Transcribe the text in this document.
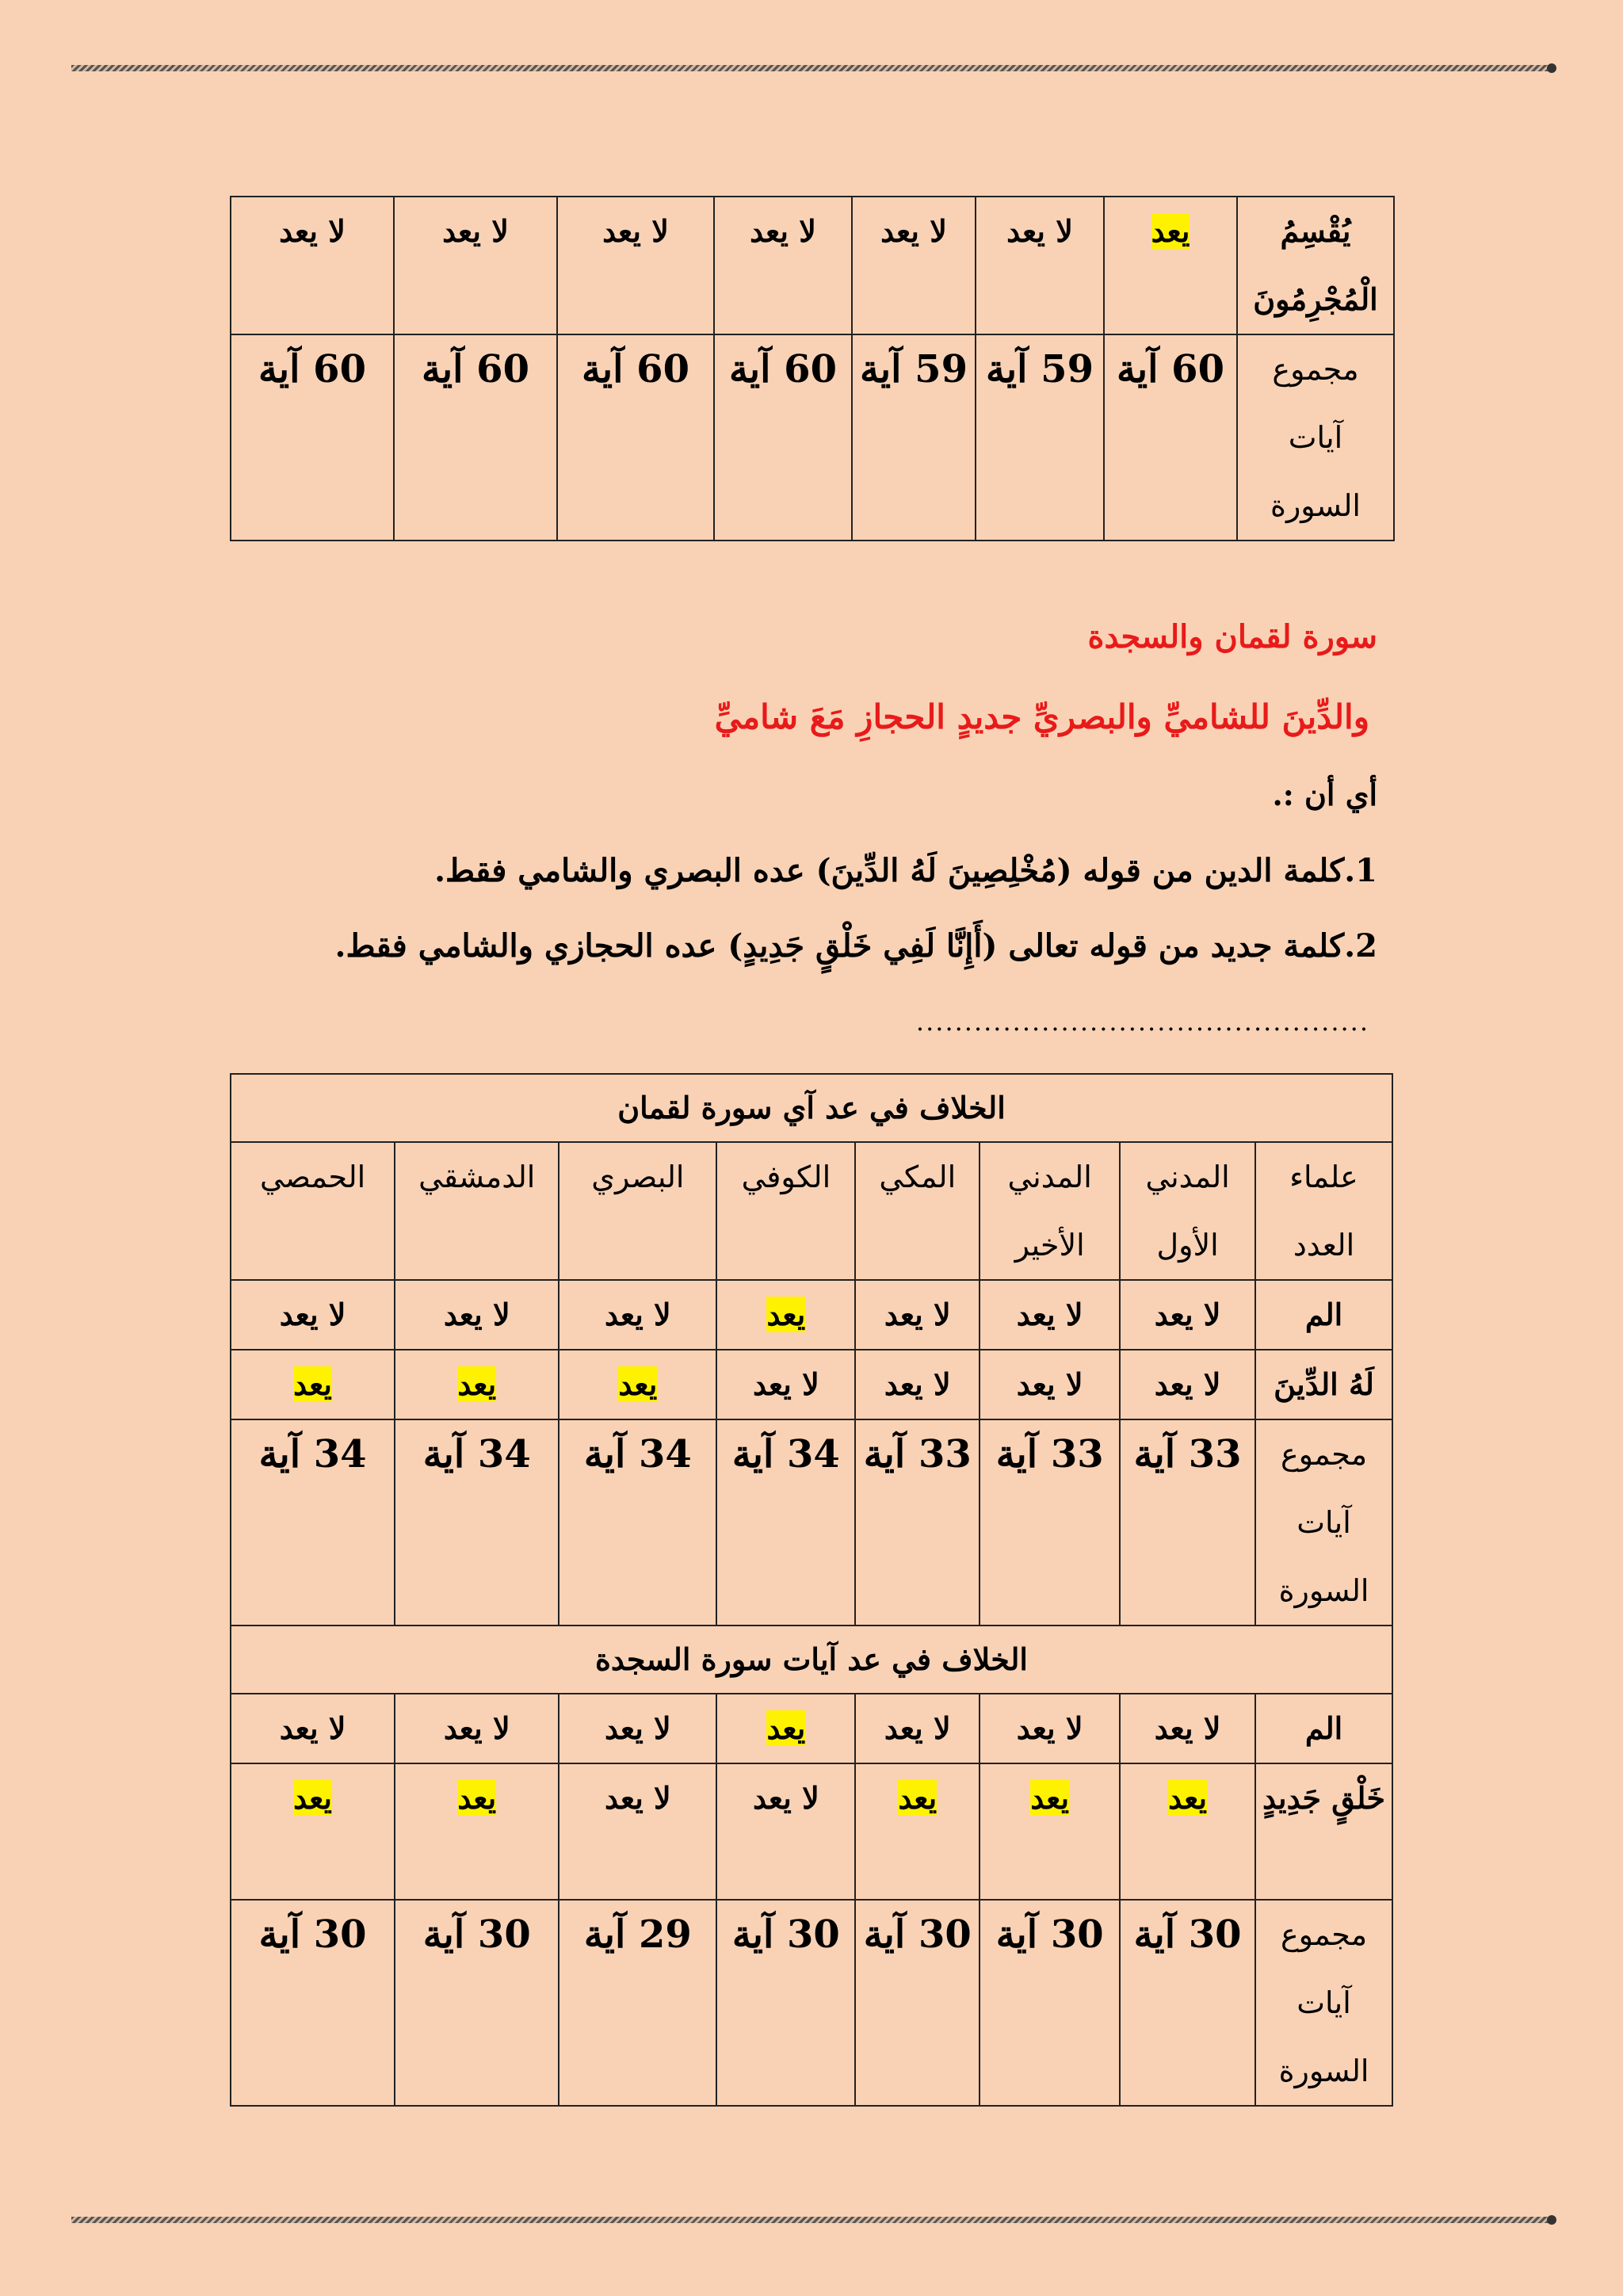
يُقْسِمُ الْمُجْرِمُونَ	يعد	لا يعد	لا يعد	لا يعد	لا يعد	لا يعد	لا يعد
مجموع آيات السورة	60 آية	59 آية	59 آية	60 آية	60 آية	60 آية	60 آية
سورة لقمان والسجدة
والدِّينَ للشاميِّ والبصريِّ جديدٍ الحجازِ مَعَ شاميِّ
أي أن :.
1.كلمة الدين من قوله (مُخْلِصِينَ لَهُ الدِّينَ) عده البصري والشامي فقط.
2.كلمة جديد من قوله تعالى (أَإِنَّا لَفِي خَلْقٍ جَدِيدٍ) عده الحجازي والشامي فقط.
...............................................
الخلاف في عد آي سورة لقمان							
علماء العدد	المدني الأول	المدني الأخير	المكي	الكوفي	البصري	الدمشقي	الحمصي
الم	لا يعد	لا يعد	لا يعد	يعد	لا يعد	لا يعد	لا يعد
لَهُ الدِّينَ	لا يعد	لا يعد	لا يعد	لا يعد	يعد	يعد	يعد
مجموع آيات السورة	33 آية	33 آية	33 آية	34 آية	34 آية	34 آية	34 آية
الخلاف في عد آيات سورة السجدة							
الم	لا يعد	لا يعد	لا يعد	يعد	لا يعد	لا يعد	لا يعد
خَلْقٍ جَدِيدٍ	يعد	يعد	يعد	لا يعد	لا يعد	يعد	يعد
مجموع آيات السورة	30 آية	30 آية	30 آية	30 آية	29 آية	30 آية	30 آية
